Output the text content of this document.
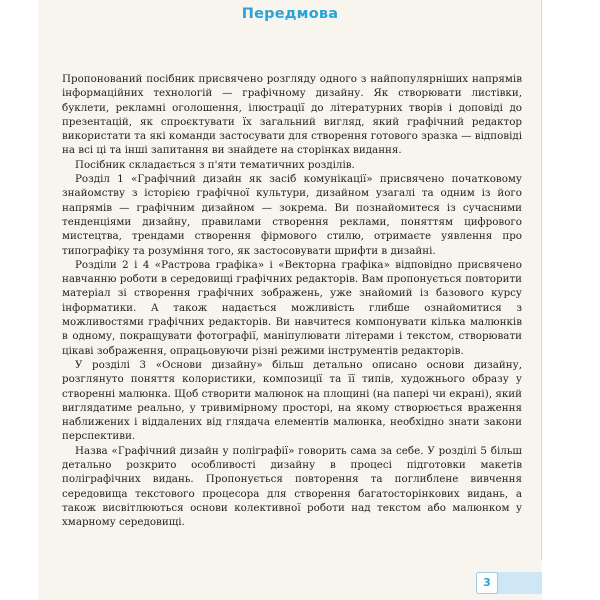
Передмова

Пропонований посібник присвячено розгляду одного з найпопулярніших напрямів інформаційних технологій — графічному дизайну. Як створювати листівки, буклети, рекламні оголошення, ілюстрації до літературних творів і доповіді до презентацій, як спроєктувати їх загальний вигляд, який графічний редактор використати та які команди застосувати для створення готового зразка — відповіді на всі ці та інші запитання ви знайдете на сторінках видання.

Посібник складається з п'яти тематичних розділів.

Розділ 1 «Графічний дизайн як засіб комунікації» присвячено початковому знайомству з історією графічної культури, дизайном узагалі та одним із його напрямів — графічним дизайном — зокрема. Ви познайомитеся із сучасними тенденціями дизайну, правилами створення реклами, поняттям цифрового мистецтва, трендами створення фірмового стилю, отримаєте уявлення про типографіку та розуміння того, як застосовувати шрифти в дизайні.

Розділи 2 і 4 «Растрова графіка» і «Векторна графіка» відповідно присвячено навчанню роботи в середовищі графічних редакторів. Вам пропонується повторити матеріал зі створення графічних зображень, уже знайомий із базового курсу інформатики. А також надається можливість глибше ознайомитися з можливостями графічних редакторів. Ви навчитеся компонувати кілька малюнків в одному, покращувати фотографії, маніпулювати літерами і текстом, створювати цікаві зображення, опрацьовуючи різні режими інструментів редакторів.

У розділі 3 «Основи дизайну» більш детально описано основи дизайну, розглянуто поняття колористики, композиції та її типів, художнього образу у створенні малюнка. Щоб створити малюнок на площині (на папері чи екрані), який виглядатиме реально, у тривимірному просторі, на якому створюється враження наближених і віддалених від глядача елементів малюнка, необхідно знати закони перспективи.

Назва «Графічний дизайн у поліграфії» говорить сама за себе. У розділі 5 більш детально розкрито особливості дизайну в процесі підготовки макетів поліграфічних видань. Пропонується повторення та поглиблене вивчення середовища текстового процесора для створення багатосторінкових видань, а також висвітлюються основи колективної роботи над текстом або малюнком у хмарному середовищі.

3
